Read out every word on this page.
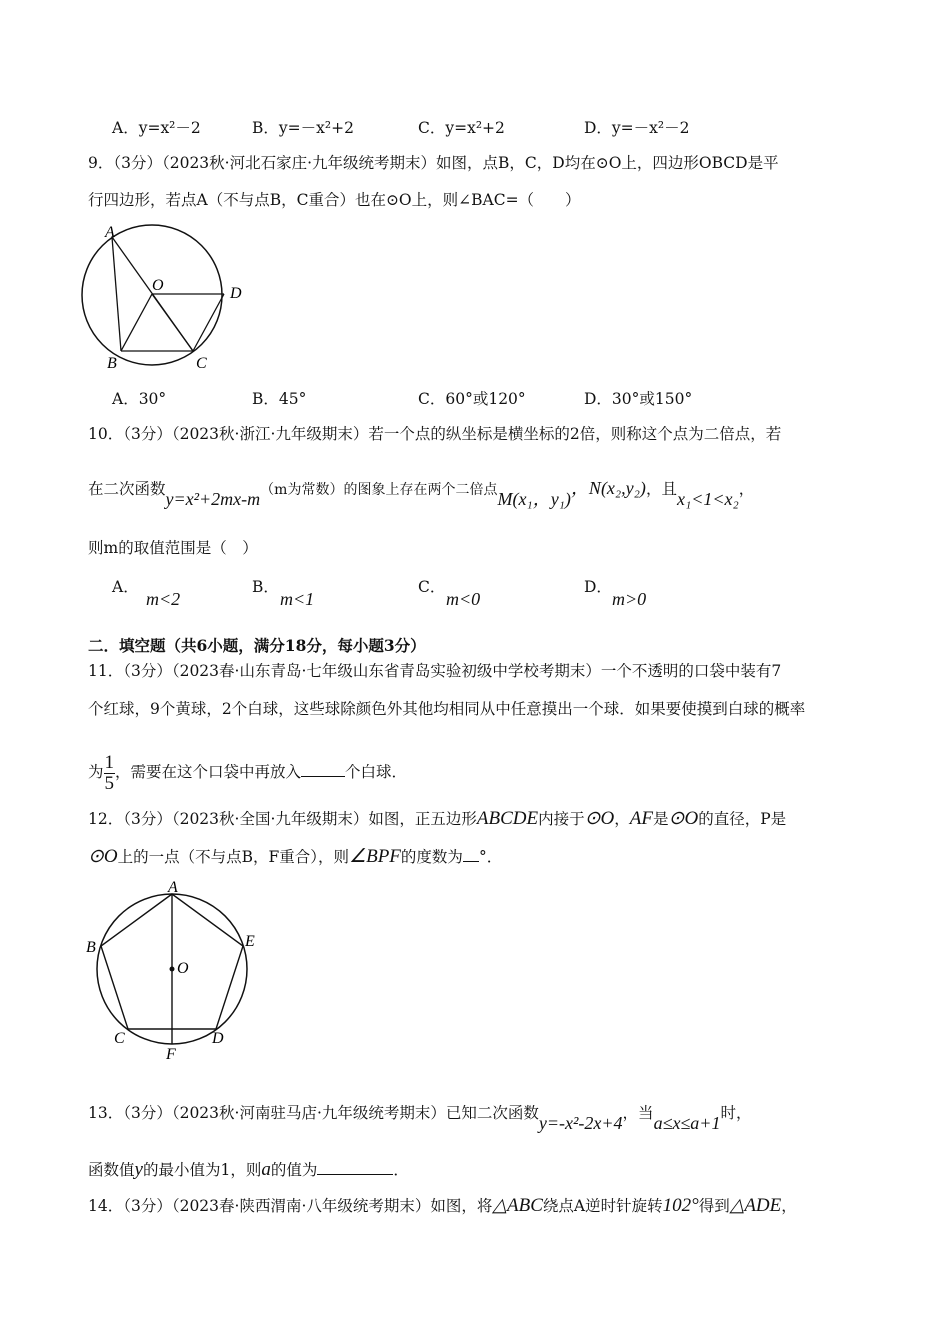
A．y=x²－2	B．y=－x²+2	C．y=x²+2	D．y=－x²－2
9．（3分）（2023秋·河北石家庄·九年级统考期末）如图，点B，C，D均在⊙O上，四边形OBCD是平
行四边形，若点A（不与点B，C重合）也在⊙O上，则∠BAC=（　　）
A
O	D
B	C
A．30°	B．45°	C．60°或120°	D．30°或150°
10．（3分）（2023秋·浙江·九年级期末）若一个点的纵坐标是横坐标的2倍，则称这个点为二倍点，若
在二次函数y=x²+2mx-m（m为常数）的图象上存在两个二倍点M(x₁，y₁)，N(x₂,y₂)，且x₁<1<x₂，
则m的取值范围是（　）
A．
m<2
B．
m<1
C．
m<0
D．
m>0
二．填空题（共6小题，满分18分，每小题3分）
11．（3分）（2023春·山东青岛·七年级山东省青岛实验初级中学校考期末）一个不透明的口袋中装有7
个红球，9个黄球，2个白球，这些球除颜色外其他均相同从中任意摸出一个球．如果要使摸到白球的概率
为 $\frac{1}{5}$ ，需要在这个口袋中再放入	个白球．
12．（3分）（2023秋·全国·九年级期末）如图，正五边形ABCDE内接于⊙O，AF是⊙O的直径，P是
⊙O上的一点（不与点B，F重合），则∠BPF的度数为 °．
A
B	E
O
C
F
D
13．（3分）（2023秋·河南驻马店·九年级统考期末）已知二次函数y=-x²-2x+4，当a≤x≤a+1时，
函数值y的最小值为1，则a的值为	．
14．（3分）（2023春·陕西渭南·八年级统考期末）如图，将△ABC绕点A逆时针旋转102°得到△ADE，
